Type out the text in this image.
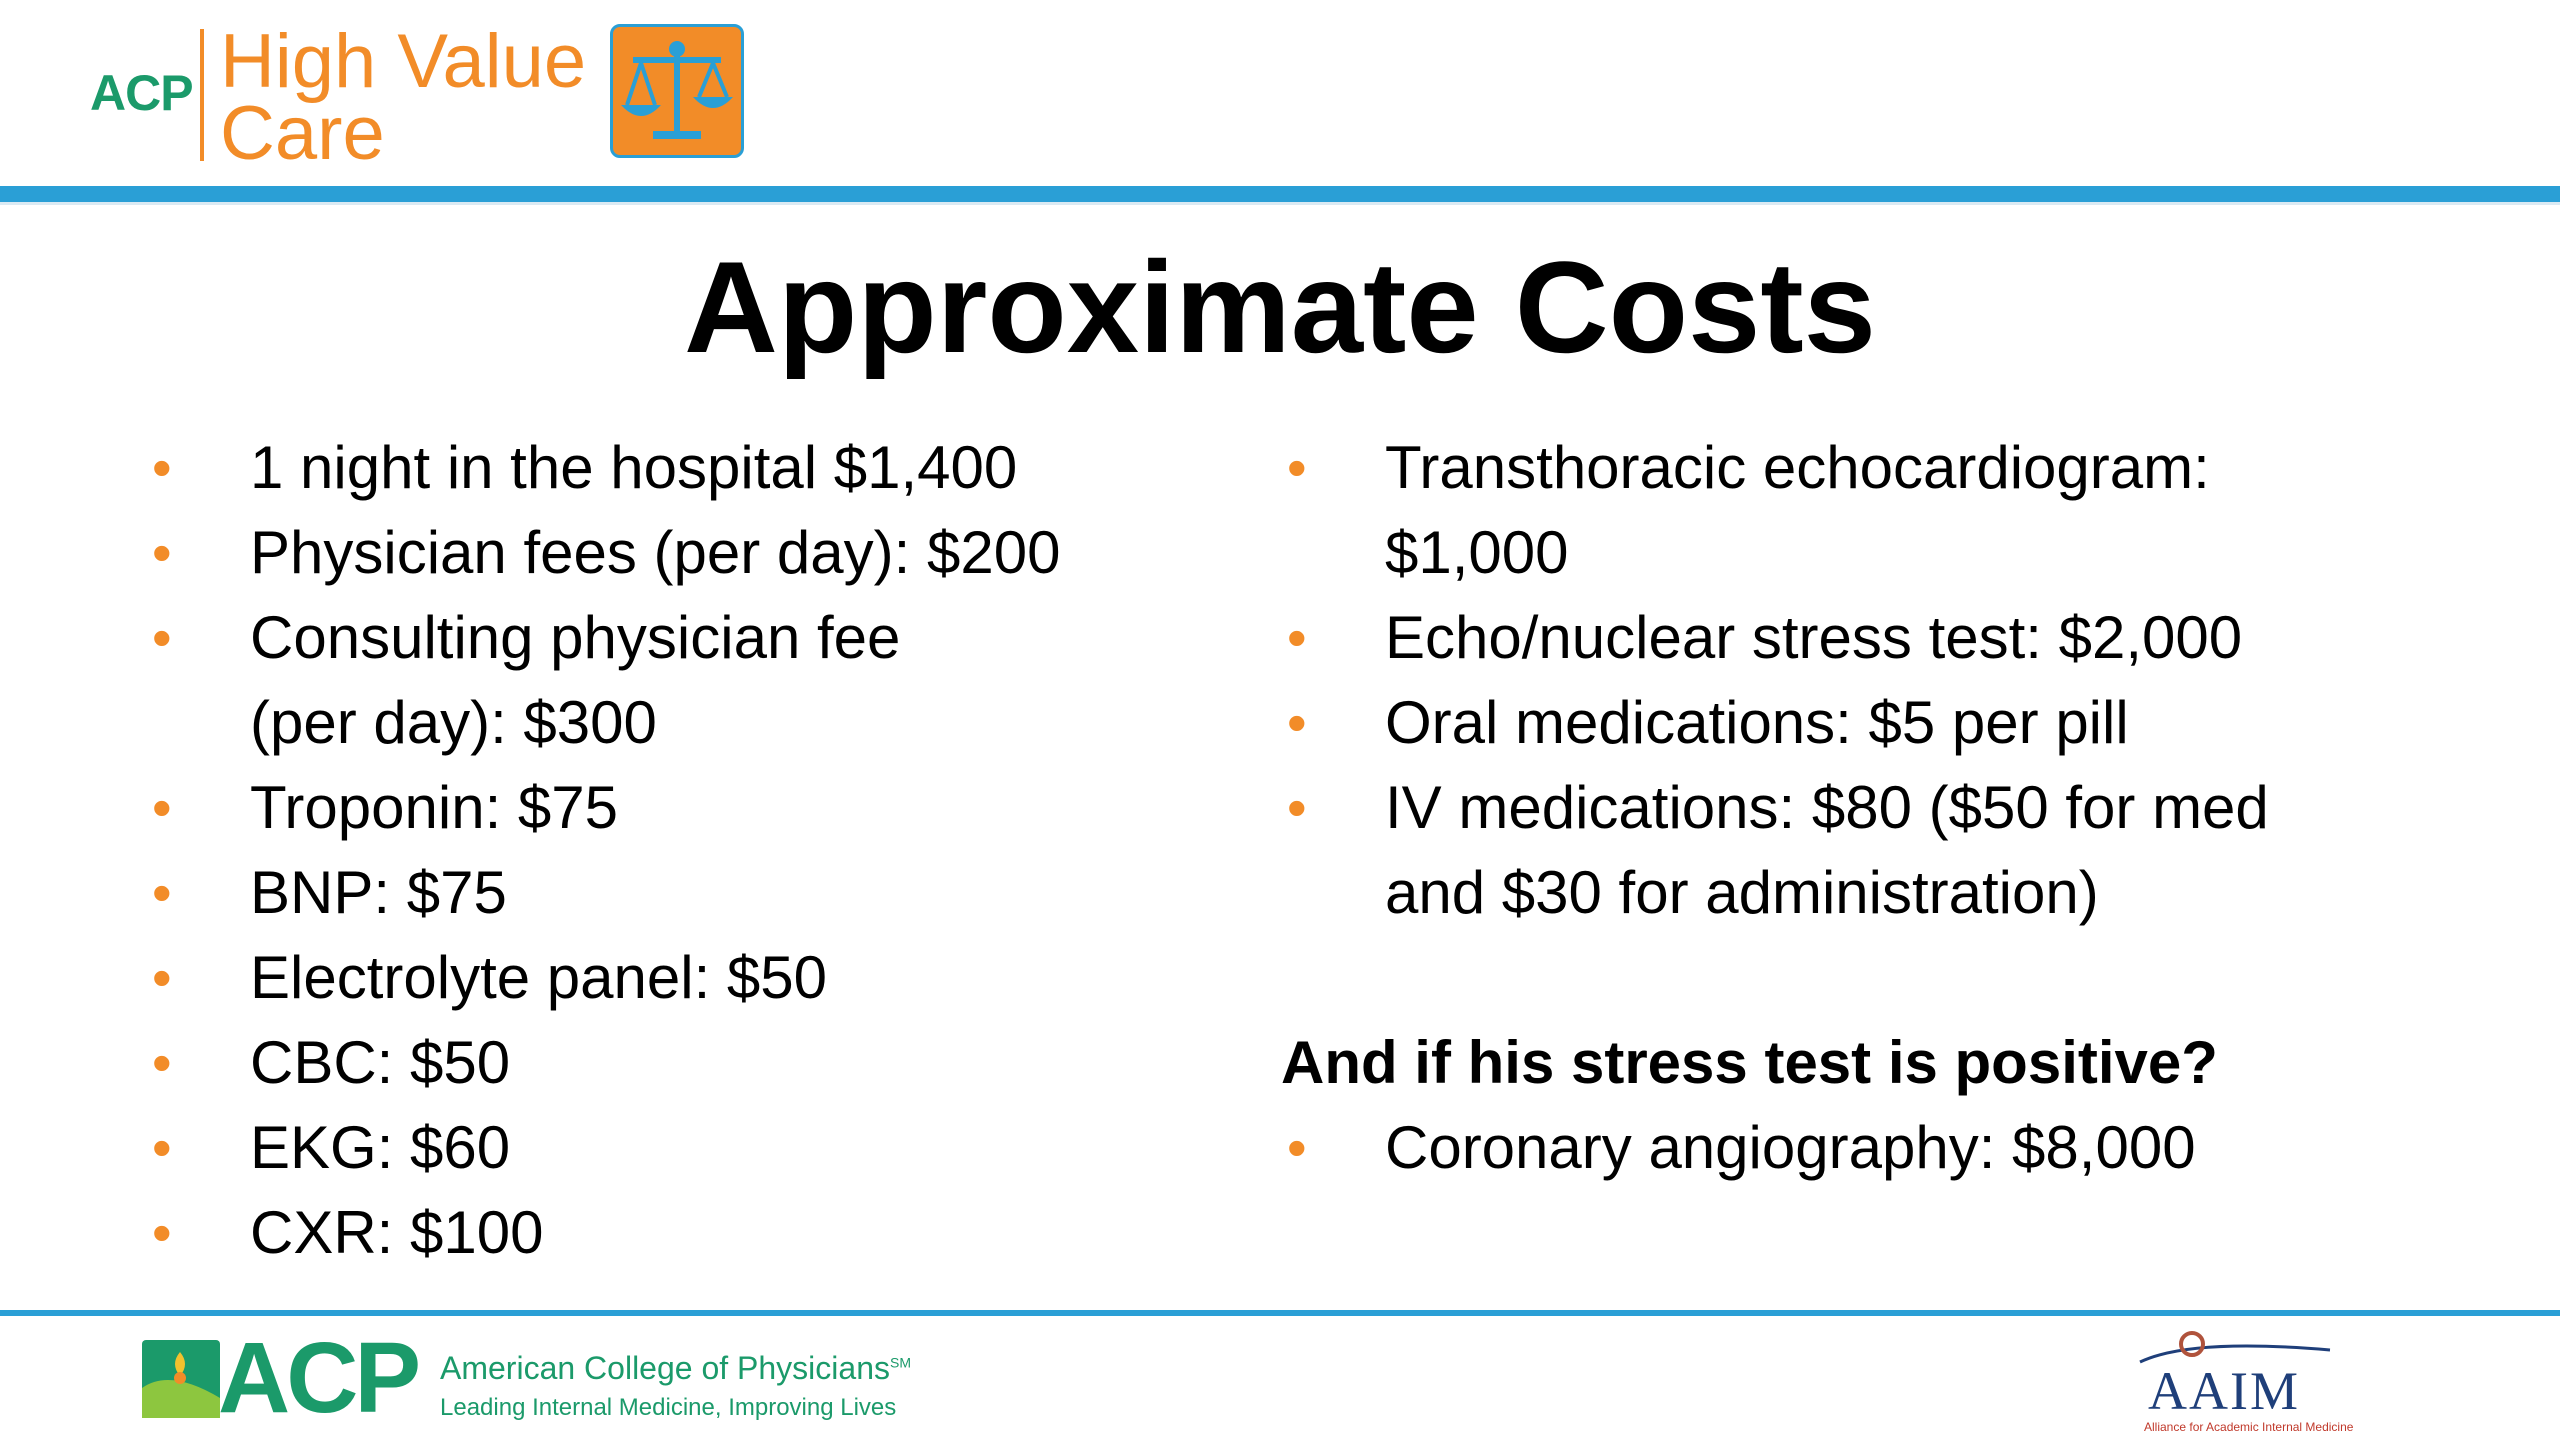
ACP High Value
Care
Approximate Costs
• 1 night in the hospital $1,400
• Physician fees (per day): $200
• Consulting physician fee
(per day): $300
• Troponin: $75
• BNP: $75
• Electrolyte panel: $50
• CBC: $50
• EKG: $60
• CXR: $100
• Transthoracic echocardiogram:
$1,000
• Echo/nuclear stress test: $2,000
• Oral medications: $5 per pill
• IV medications: $80 ($50 for med
and $30 for administration)
And if his stress test is positive?
• Coronary angiography: $8,000
ACP American College of Physicians℠
Leading Internal Medicine, Improving Lives	AAIM
Alliance for Academic Internal Medicine
